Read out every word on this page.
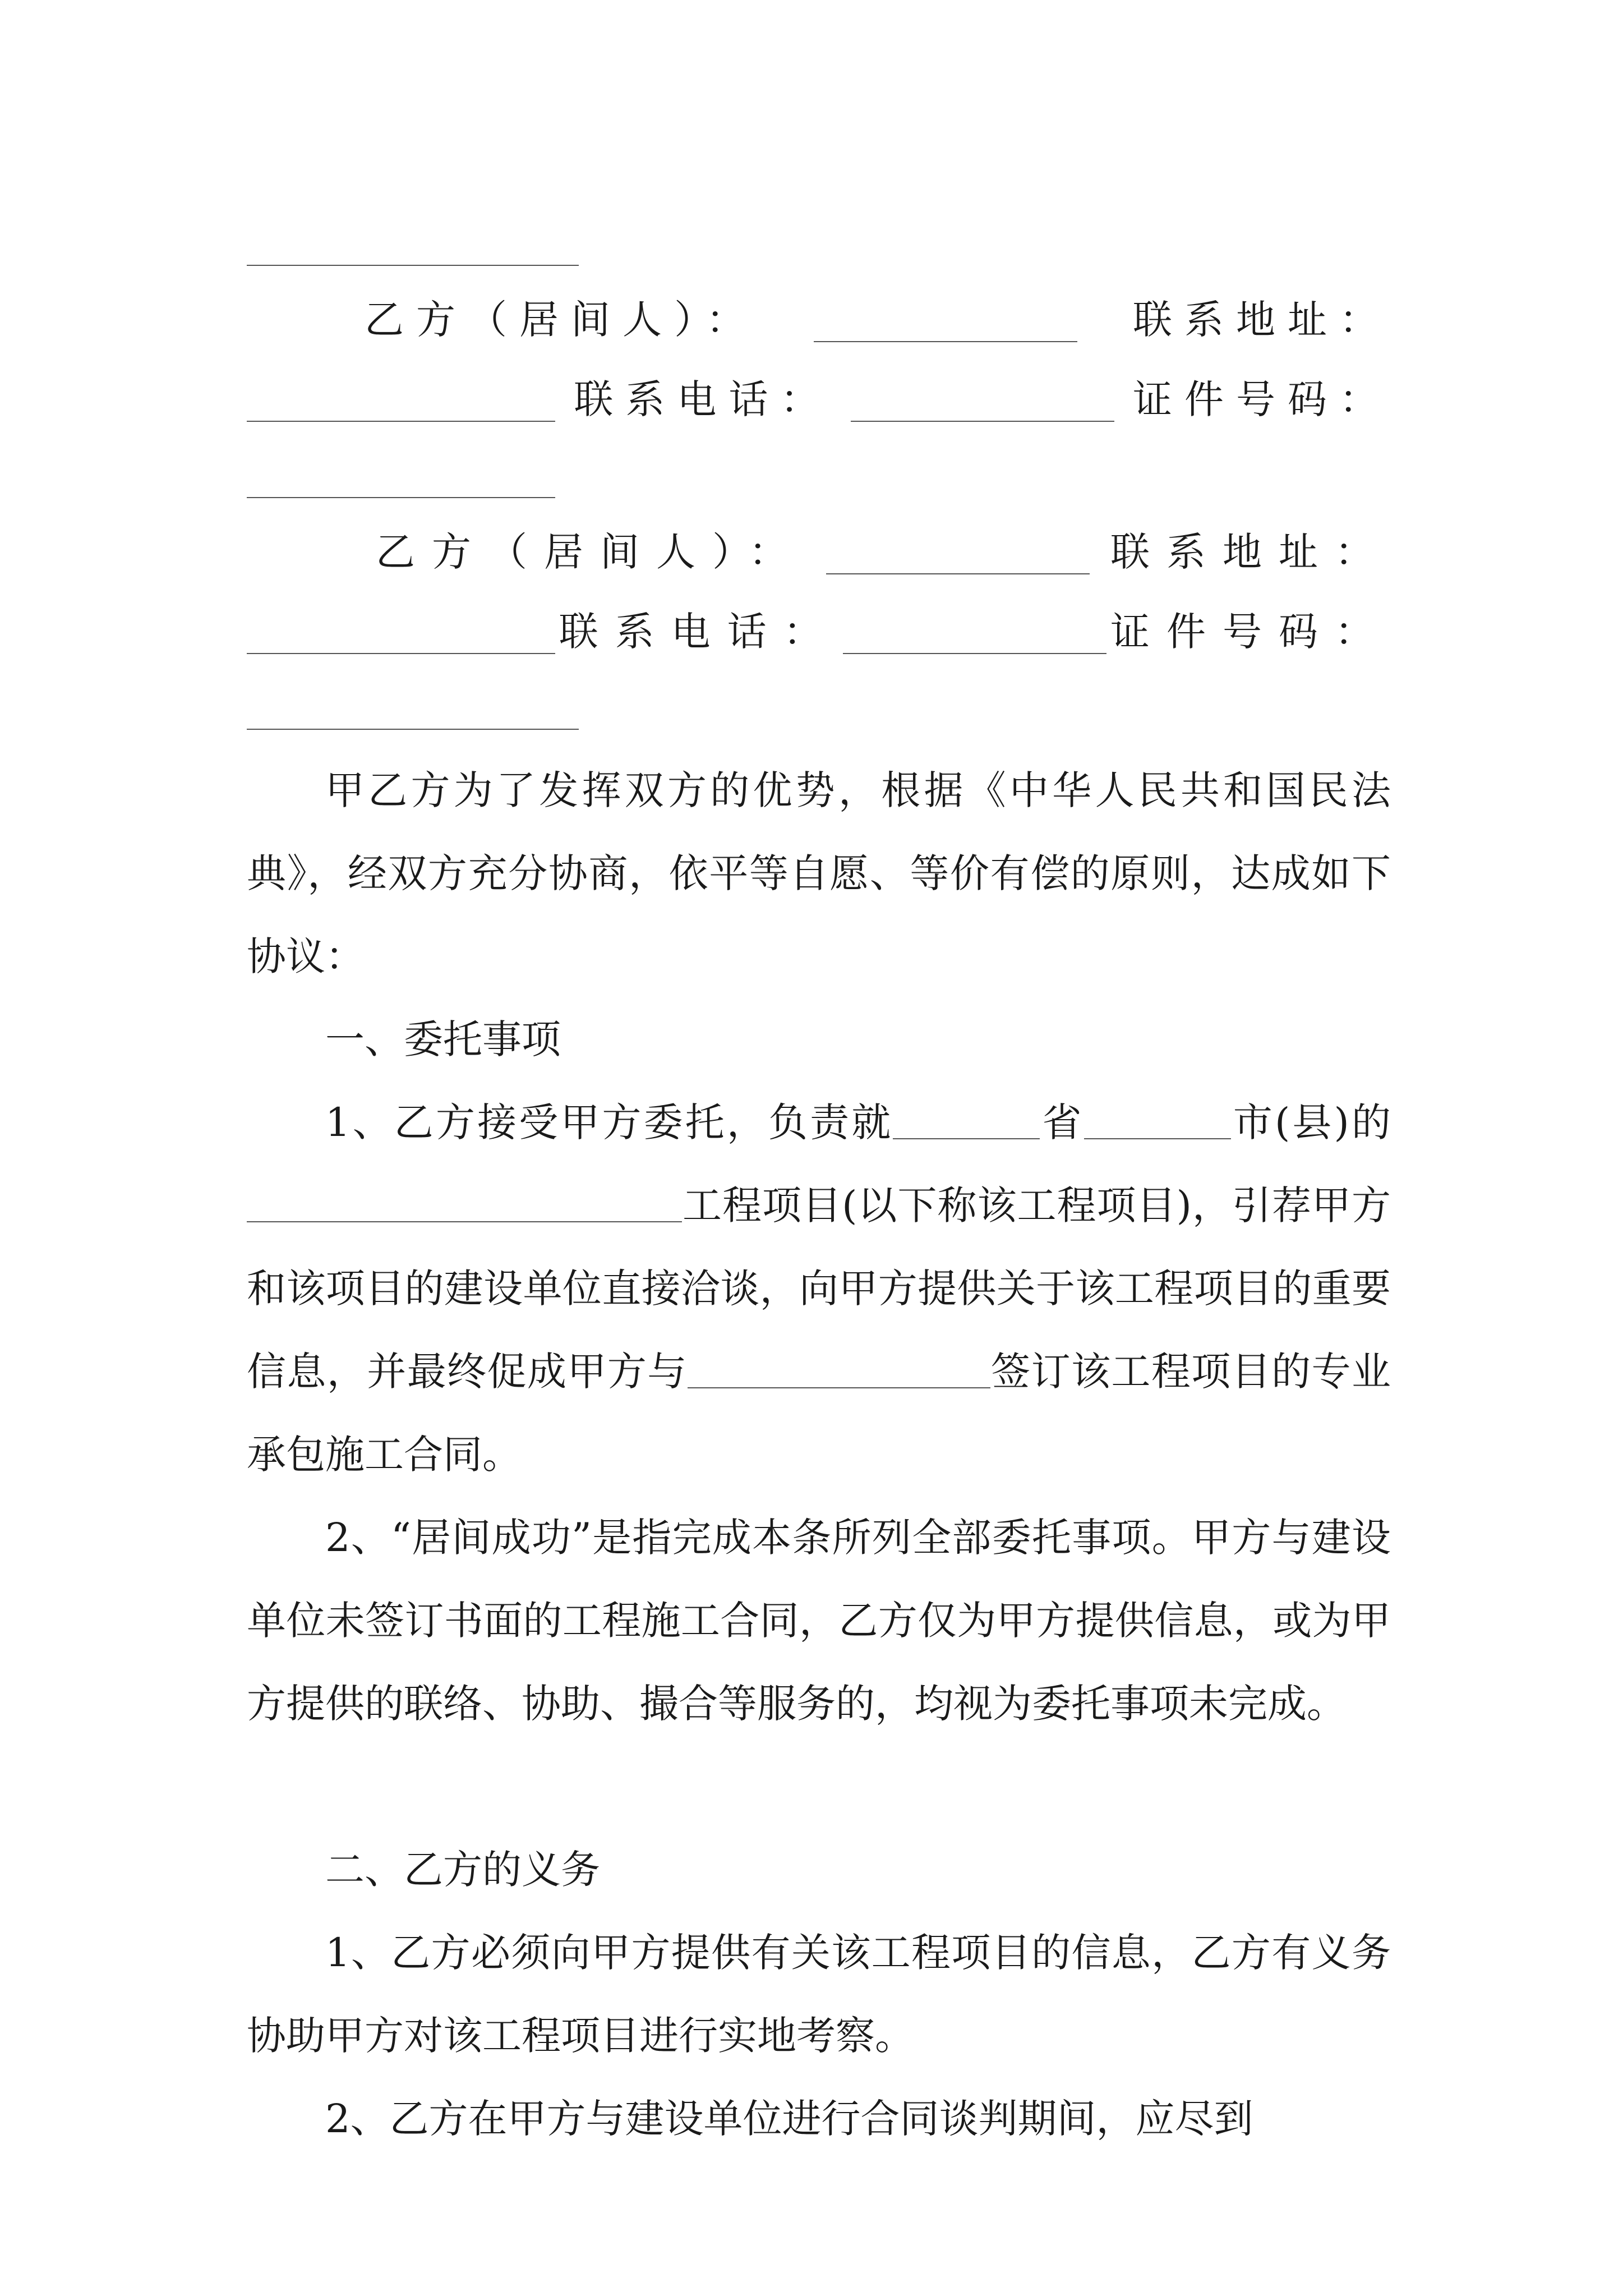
乙方（居间人）：	联系地址：
联系电话：	证件号码：
乙方（居间人）：	联系地址：
联系电话：	证件号码：
甲乙方为了发挥双方的优势，根据《中华人民共和国民法典》，经双方充分协商，依平等自愿、等价有偿的原则，达成如下协议：
一、委托事项
1、乙方接受甲方委托，负责就	省	市(县)的工程项目(以下称该工程项目)，引荐甲方和该项目的建设单位直接洽谈，向甲方提供关于该工程项目的重要信息，并最终促成甲方与	签订该工程项目的专业承包施工合同。
2、“居间成功”是指完成本条所列全部委托事项。甲方与建设单位未签订书面的工程施工合同，乙方仅为甲方提供信息，或为甲方提供的联络、协助、撮合等服务的，均视为委托事项未完成。
二、乙方的义务
1、乙方必须向甲方提供有关该工程项目的信息，乙方有义务协助甲方对该工程项目进行实地考察。
2、乙方在甲方与建设单位进行合同谈判期间，应尽到
